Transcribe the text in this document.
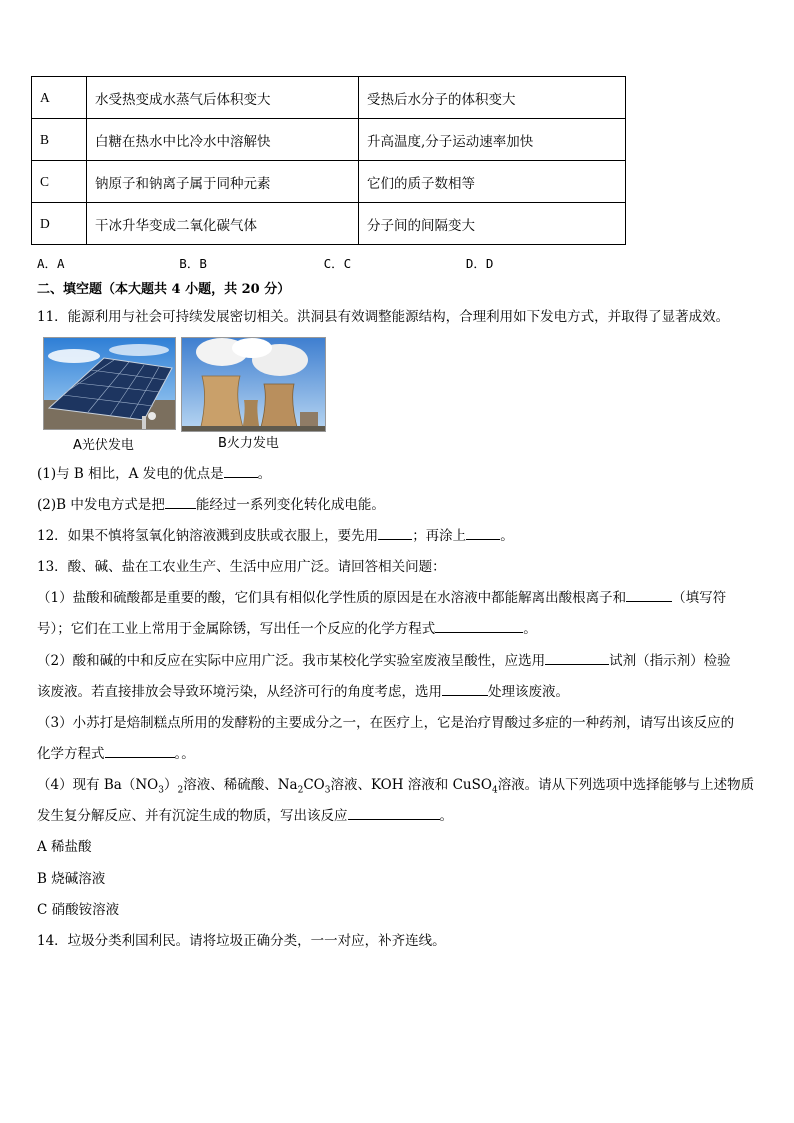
A	水受热变成水蒸气后体积变大	受热后水分子的体积变大
B	白糖在热水中比冷水中溶解快	升高温度,分子运动速率加快
C	钠原子和钠离子属于同种元素	它们的质子数相等
D	干冰升华变成二氧化碳气体	分子间的间隔变大
A．A	B．B	C．C	D．D
二、填空题（本大题共 4 小题，共 20 分）
11．能源利用与社会可持续发展密切相关。洪洞县有效调整能源结构，合理利用如下发电方式，并取得了显著成效。
A光伏发电	B火力发电
(1)与 B 相比，A 发电的优点是	。
(2)B 中发电方式是把 能经过一系列变化转化成电能。
12．如果不慎将氢氧化钠溶液溅到皮肤或衣服上，要先用	；再涂上	。
13．酸、碱、盐在工农业生产、生活中应用广泛。请回答相关问题：
（1）盐酸和硫酸都是重要的酸，它们具有相似化学性质的原因是在水溶液中都能解离出酸根离子和	（填写符
号）；它们在工业上常用于金属除锈，写出任一个反应的化学方程式	。
（2）酸和碱的中和反应在实际中应用广泛。我市某校化学实验室废液呈酸性，应选用	试剂（指示剂）检验
该废液。若直接排放会导致环境污染，从经济可行的角度考虑，选用	处理该废液。
（3）小苏打是焙制糕点所用的发酵粉的主要成分之一，在医疗上，它是治疗胃酸过多症的一种药剂，请写出该反应的
化学方程式	。。
（4）现有 $Ba(NO_3)_2$溶液、稀硫酸、$Na_2CO_3$溶液、KOH 溶液和 CuSO$_4$溶液。请从下列选项中选择能够与上述物质
发生复分解反应、并有沉淀生成的物质，写出该反应	。
A 稀盐酸
B 烧碱溶液
C 硝酸铵溶液
14．垃圾分类利国利民。请将垃圾正确分类，一一对应，补齐连线。
